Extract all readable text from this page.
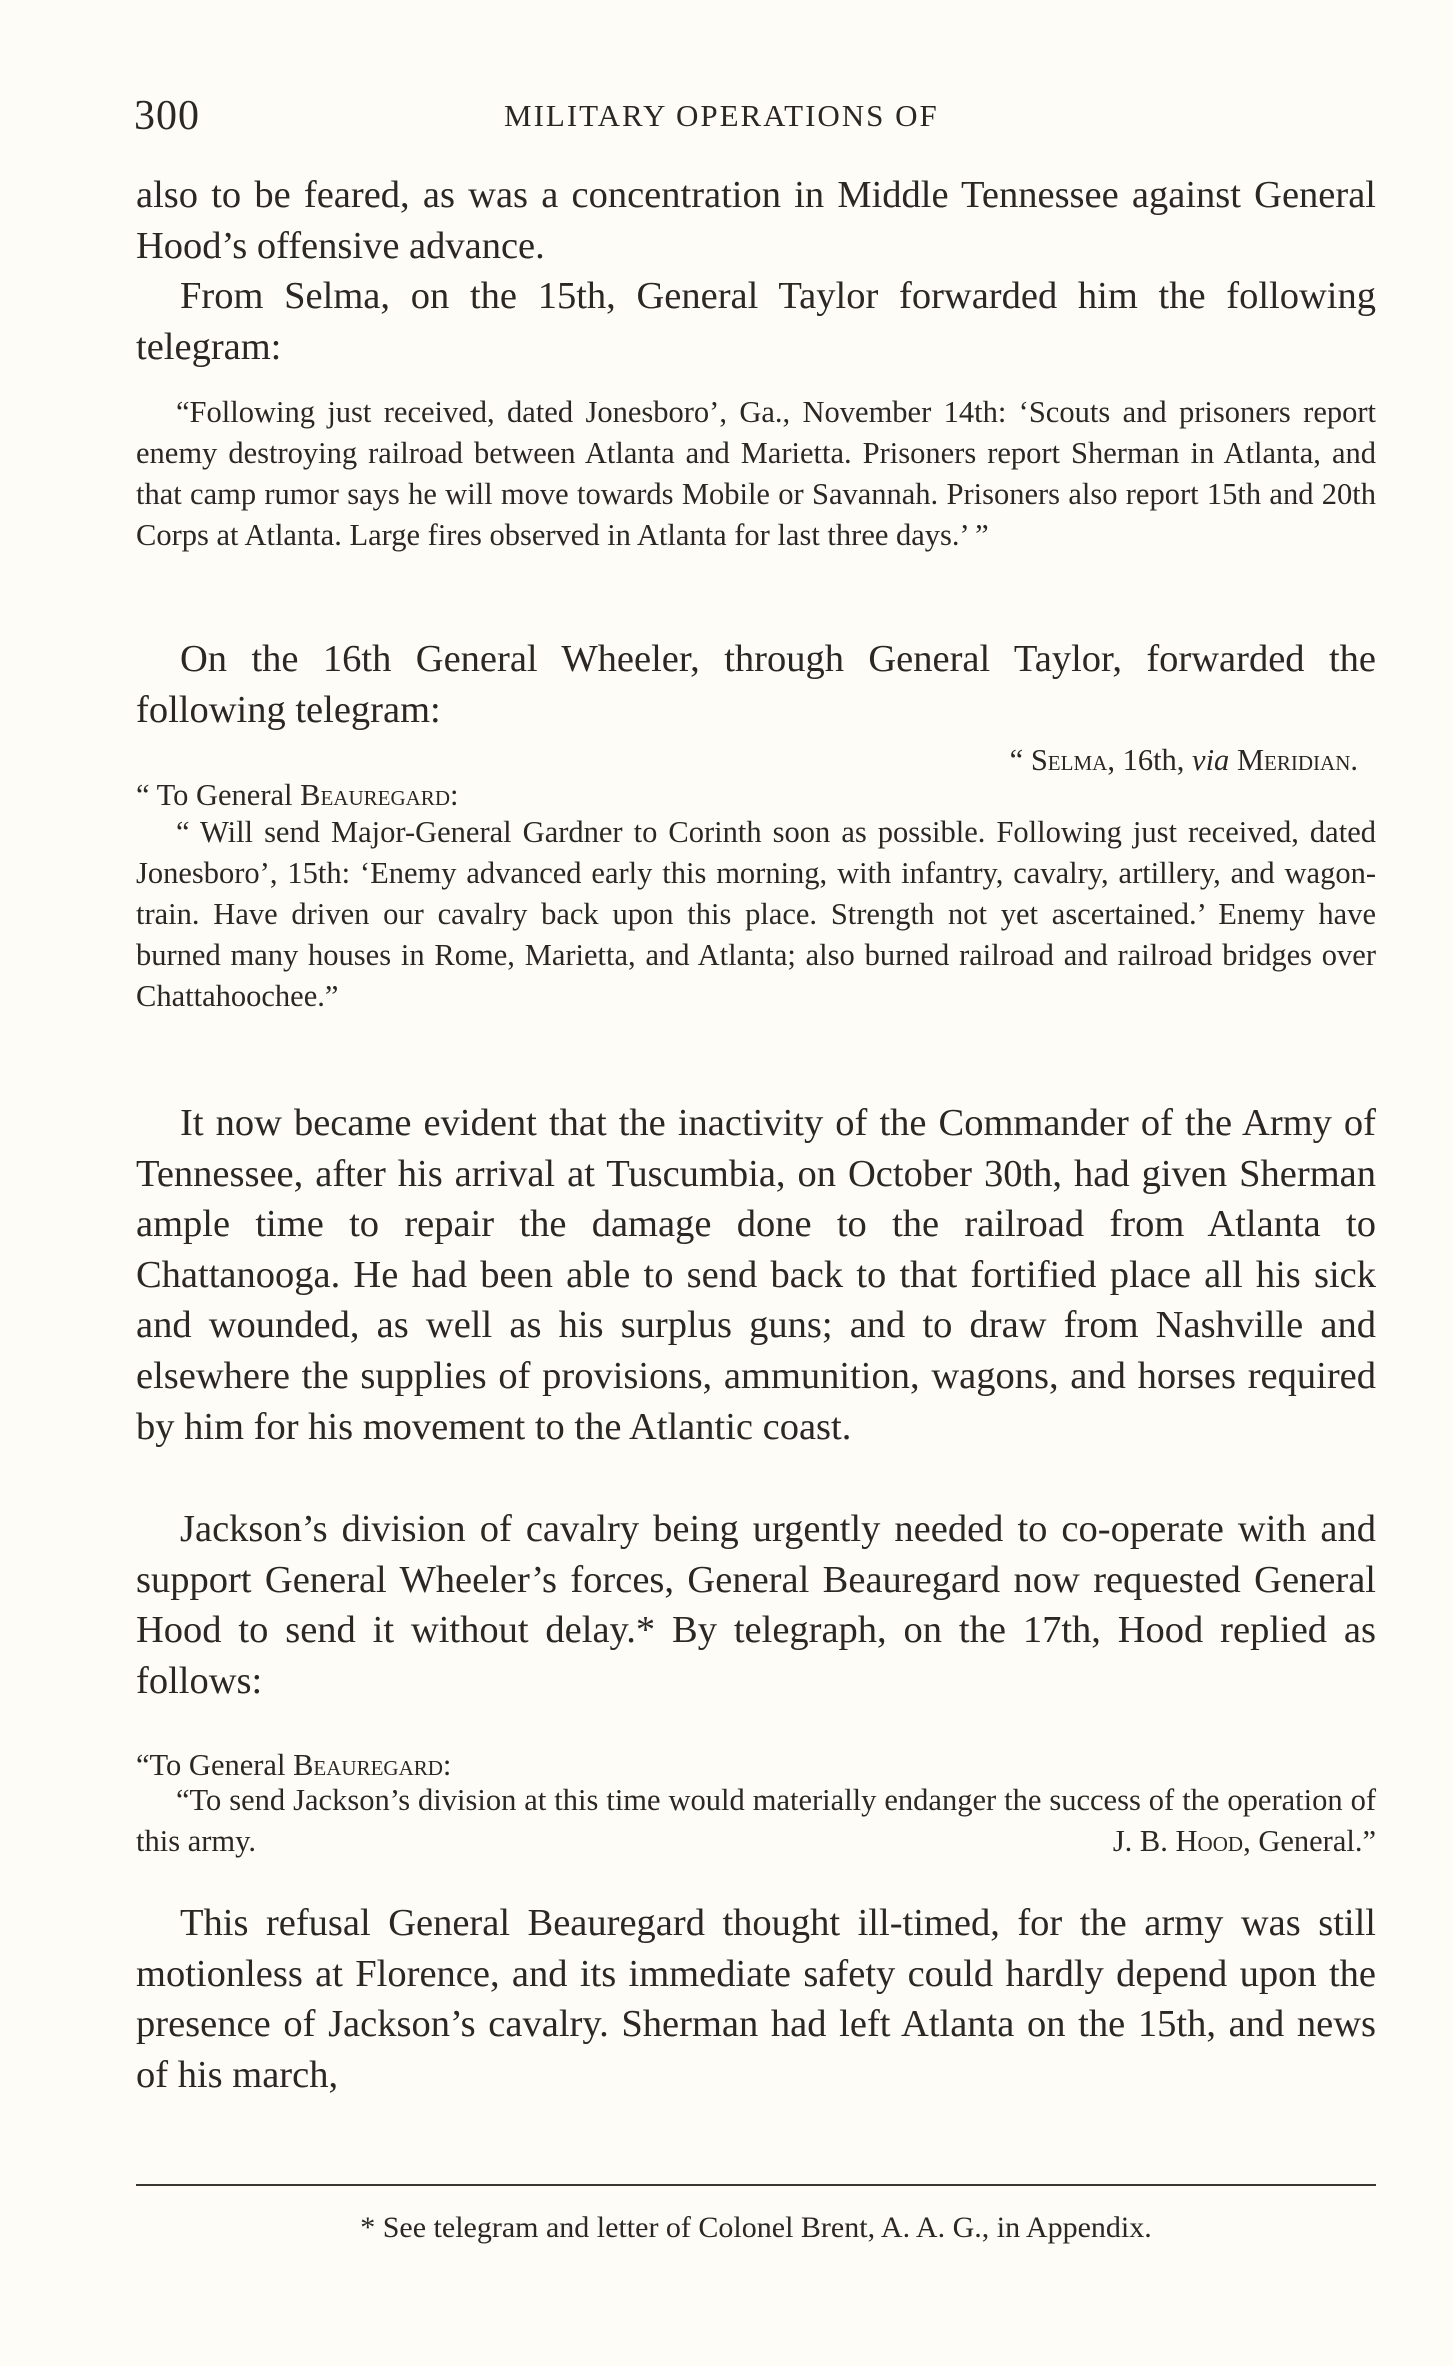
300	MILITARY OPERATIONS OF

also to be feared, as was a concentration in Middle Tennessee against General Hood’s offensive advance.

From Selma, on the 15th, General Taylor forwarded him the following telegram:

“Following just received, dated Jonesboro’, Ga., November 14th: ‘Scouts and prisoners report enemy destroying railroad between Atlanta and Marietta. Prisoners report Sherman in Atlanta, and that camp rumor says he will move towards Mobile or Savannah. Prisoners also report 15th and 20th Corps at Atlanta. Large fires observed in Atlanta for last three days.’ ”

On the 16th General Wheeler, through General Taylor, forwarded the following telegram:

“ Selma, 16th, via Meridian.

“ To General Beauregard:

“ Will send Major-General Gardner to Corinth soon as possible. Following just received, dated Jonesboro’, 15th: ‘Enemy advanced early this morning, with infantry, cavalry, artillery, and wagon-train. Have driven our cavalry back upon this place. Strength not yet ascertained.’ Enemy have burned many houses in Rome, Marietta, and Atlanta; also burned railroad and railroad bridges over Chattahoochee.”

It now became evident that the inactivity of the Commander of the Army of Tennessee, after his arrival at Tuscumbia, on October 30th, had given Sherman ample time to repair the damage done to the railroad from Atlanta to Chattanooga. He had been able to send back to that fortified place all his sick and wounded, as well as his surplus guns; and to draw from Nashville and elsewhere the supplies of provisions, ammunition, wagons, and horses required by him for his movement to the Atlantic coast.

Jackson’s division of cavalry being urgently needed to co-operate with and support General Wheeler’s forces, General Beauregard now requested General Hood to send it without delay.* By telegraph, on the 17th, Hood replied as follows:

“To General Beauregard:

“To send Jackson’s division at this time would materially endanger the success of the operation of this army.	J. B. Hood, General.”

This refusal General Beauregard thought ill-timed, for the army was still motionless at Florence, and its immediate safety could hardly depend upon the presence of Jackson’s cavalry. Sherman had left Atlanta on the 15th, and news of his march,

* See telegram and letter of Colonel Brent, A. A. G., in Appendix.
